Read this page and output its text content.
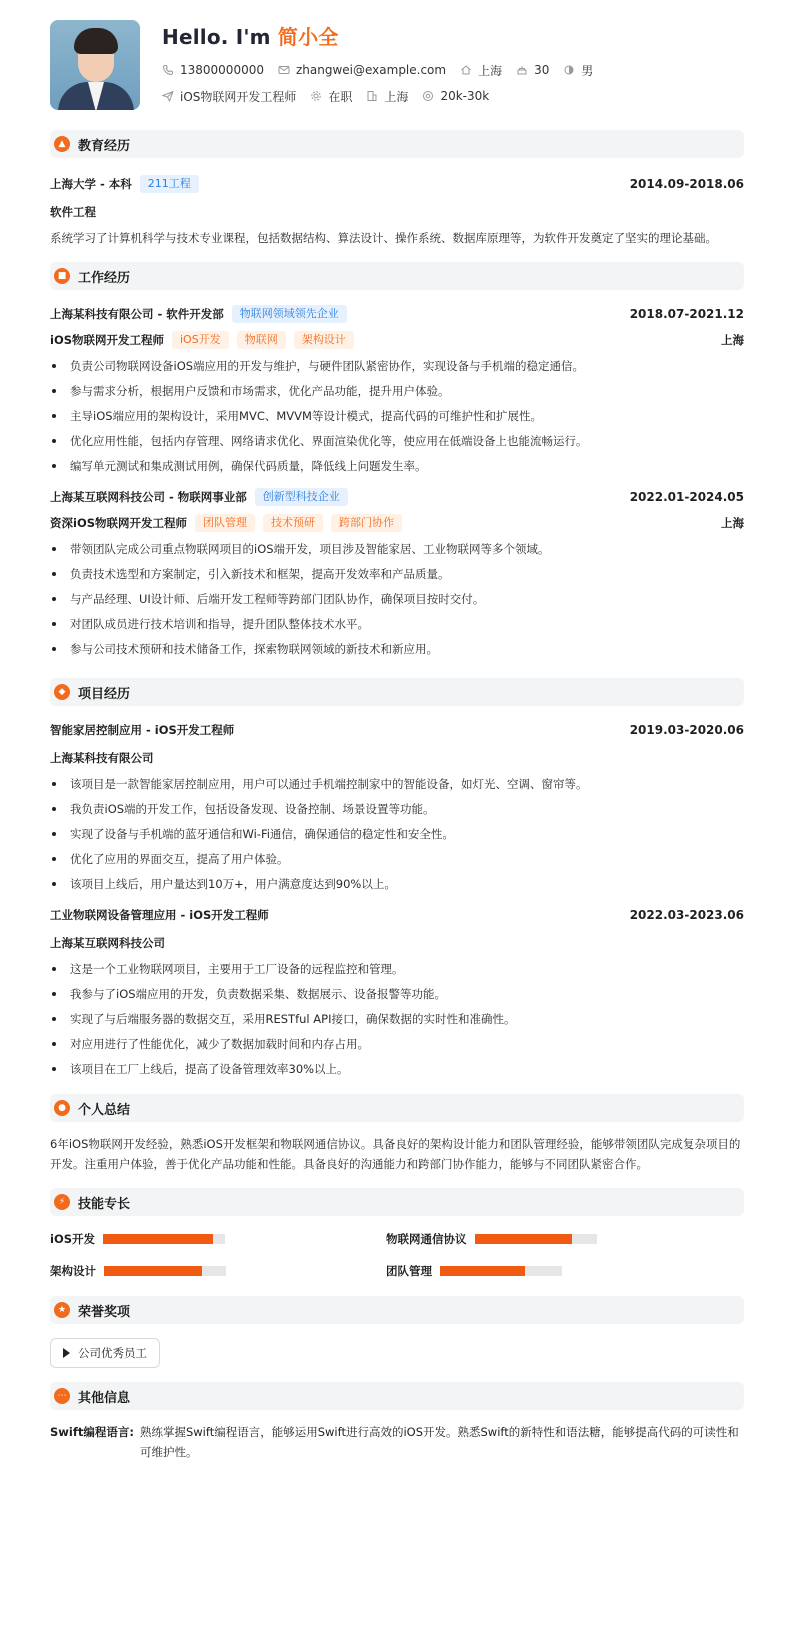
Hello. I'm 简小全
13800000000	zhangwei@example.com	上海	30	男
iOS物联网开发工程师	在职	上海	20k-30k
▲ 教育经历
上海大学 - 本科	211工程	2014.09-2018.06
软件工程
系统学习了计算机科学与技术专业课程，包括数据结构、算法设计、操作系统、数据库原理等，为软件开发奠定了坚实的理论基础。
■ 工作经历
上海某科技有限公司 - 软件开发部	物联网领域领先企业	2018.07-2021.12
iOS物联网开发工程师	iOS开发	物联网	架构设计	上海
负责公司物联网设备iOS端应用的开发与维护，与硬件团队紧密协作，实现设备与手机端的稳定通信。
参与需求分析，根据用户反馈和市场需求，优化产品功能，提升用户体验。
主导iOS端应用的架构设计，采用MVC、MVVM等设计模式，提高代码的可维护性和扩展性。
优化应用性能，包括内存管理、网络请求优化、界面渲染优化等，使应用在低端设备上也能流畅运行。
编写单元测试和集成测试用例，确保代码质量，降低线上问题发生率。
上海某互联网科技公司 - 物联网事业部	创新型科技企业	2022.01-2024.05
资深iOS物联网开发工程师	团队管理	技术预研	跨部门协作	上海
带领团队完成公司重点物联网项目的iOS端开发，项目涉及智能家居、工业物联网等多个领域。
负责技术选型和方案制定，引入新技术和框架，提高开发效率和产品质量。
与产品经理、UI设计师、后端开发工程师等跨部门团队协作，确保项目按时交付。
对团队成员进行技术培训和指导，提升团队整体技术水平。
参与公司技术预研和技术储备工作，探索物联网领域的新技术和新应用。
◆ 项目经历
智能家居控制应用 - iOS开发工程师	2019.03-2020.06
上海某科技有限公司
该项目是一款智能家居控制应用，用户可以通过手机端控制家中的智能设备，如灯光、空调、窗帘等。
我负责iOS端的开发工作，包括设备发现、设备控制、场景设置等功能。
实现了设备与手机端的蓝牙通信和Wi-Fi通信，确保通信的稳定性和安全性。
优化了应用的界面交互，提高了用户体验。
该项目上线后，用户量达到10万+，用户满意度达到90%以上。
工业物联网设备管理应用 - iOS开发工程师	2022.03-2023.06
上海某互联网科技公司
这是一个工业物联网项目，主要用于工厂设备的远程监控和管理。
我参与了iOS端应用的开发，负责数据采集、数据展示、设备报警等功能。
实现了与后端服务器的数据交互，采用RESTful API接口，确保数据的实时性和准确性。
对应用进行了性能优化，减少了数据加载时间和内存占用。
该项目在工厂上线后，提高了设备管理效率30%以上。
● 个人总结
6年iOS物联网开发经验，熟悉iOS开发框架和物联网通信协议。具备良好的架构设计能力和团队管理经验，能够带领团队完成复杂项目的开发。注重用户体验，善于优化产品功能和性能。具备良好的沟通能力和跨部门协作能力，能够与不同团队紧密合作。
⚡ 技能专长
iOS开发	物联网通信协议
架构设计	团队管理
★ 荣誉奖项
公司优秀员工
⋯ 其他信息
Swift编程语言: 熟练掌握Swift编程语言，能够运用Swift进行高效的iOS开发。熟悉Swift的新特性和语法糖，能够提高代码的可读性和可维护性。
